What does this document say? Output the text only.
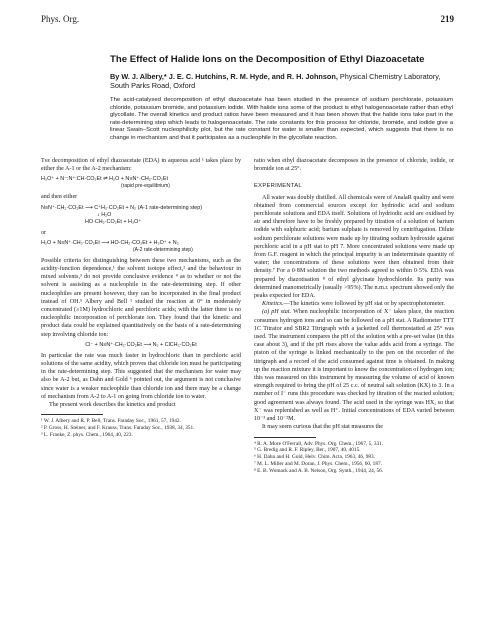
Phys. Org.	219
The Effect of Halide Ions on the Decomposition of Ethyl Diazoacetate
By W. J. Albery,* J. E. C. Hutchins, R. M. Hyde, and R. H. Johnson, Physical Chemistry Laboratory, South Parks Road, Oxford
The acid-catalysed decomposition of ethyl diazoacetate has been studied in the presence of sodium perchlorate, potassium chloride, potassium bromide, and potassium iodide. With halide ions some of the product is ethyl halogenoacetate rather than ethyl glycollate. The overall kinetics and product ratios have been measured and it has been shown that the halide ions take part in the rate-determining step which leads to halogenoacetate. The rate constants for this process for chloride, bromide, and iodide give a linear Swain–Scott nucleophilicity plot, but the rate constant for water is smaller than expected, which suggests that there is no change in mechanism and that it participates as a nucleophile in the glycollate reaction.

The decomposition of ethyl diazoacetate (EDA) in aqueous acid ¹ takes place by either the A-1 or the A-2 mechanism:

H₃O⁺ + N⁻:N⁺:CH·CO₂Et ⇌ H₂O + N≡N⁺·CH₂·CO₂Et
(rapid pre-equilibrium)
and then either
N≡N⁺·CH₂·CO₂Et ⟶ C⁺H₂·CO₂Et + N₂ (A-1 rate-determining step)
↓ H₂O
HO·CH₂·CO₂Et + H₃O⁺
or
H₂O + N≡N⁺·CH₂·CO₂Et ⟶ HO·CH₂·CO₂Et + H₃O⁺ + N₂
(A-2 rate-determining step)

Possible criteria for distinguishing between these two mechanisms, such as the acidity-function dependence,¹ the solvent isotope effect,² and the behaviour in mixed solvents,³ do not provide conclusive evidence ⁴ as to whether or not the solvent is assisting as a nucleophile in the rate-determining step. If other nucleophiles are present however, they can be incorporated in the final product instead of OH.⁵ Albery and Bell ¹ studied the reaction at 0° in moderately concentrated (≥1M) hydrochloric and perchloric acids; with the latter there is no nucleophilic incorporation of perchlorate ion. They found that the kinetic and product data could be explained quantitatively on the basis of a rate-determining step involving chloride ion:

Cl⁻ + N≡N⁺·CH₂·CO₂Et ⟶ N₂ + ClCH₂·CO₂Et

In particular the rate was much faster in hydrochloric than in perchloric acid solutions of the same acidity, which proves that chloride ion must be participating in the rate-determining step. This suggested that the mechanism for water may also be A-2 but, as Dahn and Gold ⁶ pointed out, the argument is not conclusive since water is a weaker nucleophile than chloride ion and there may be a change of mechanism from A-2 to A-1 on going from chloride ion to water.

The present work describes the kinetics and product

¹ W. J. Albery and R. P. Bell, Trans. Faraday Soc., 1961, 57, 1942.
² P. Gross, H. Steiner, and F. Krauss, Trans. Faraday Soc., 1938, 34, 351.
³ L. Franke, Z. phys. Chem., 1964, 40, 223.

ratio when ethyl diazoacetate decomposes in the presence of chloride, iodide, or bromide ion at 25°.

EXPERIMENTAL

All water was doubly distilled. All chemicals were of AnalaR quality and were obtained from commercial sources except for hydriodic acid and sodium perchlorate solutions and EDA itself. Solutions of hydriodic acid are oxidised by air and therefore have to be freshly prepared by titration of a solution of barium iodide with sulphuric acid; barium sulphate is removed by centrifugation. Dilute sodium perchlorate solutions were made up by titrating sodium hydroxide against perchloric acid in a pH stat to pH 7. More concentrated solutions were made up from G.F. reagent in which the principal impurity is an indeterminate quantity of water; the concentrations of these solutions were then obtained from their density.⁷ For a 0·8M solution the two methods agreed to within 0·5%. EDA was prepared by diazotisation ⁸ of ethyl glycinate hydrochloride. Its purity was determined manometrically (usually >95%). The n.m.r. spectrum showed only the peaks expected for EDA.

Kinetics.—The kinetics were followed by pH stat or by spectrophotometer.

(a) pH stat. When nucleophilic incorporation of X⁻ takes place, the reaction consumes hydrogen ions and so can be followed on a pH stat. A Radiometer TTT 1C Titrator and SBR2 Titrigraph with a jacketted cell thermostatted at 25° was used. The instrument compares the pH of the solution with a pre-set value (in this case about 3), and if the pH rises above the value adds acid from a syringe. The piston of the syringe is linked mechanically to the pen on the recorder of the titrigraph and a record of the acid consumed against time is obtained. In making up the reaction mixture it is important to know the concentration of hydrogen ion; this was measured on this instrument by measuring the volume of acid of known strength required to bring the pH of 25 c.c. of neutral salt solution (KX) to 3. In a number of I⁻ runs this procedure was checked by titration of the reacted solution; good agreement was always found. The acid used in the syringe was HX, so that X⁻ was replenished as well as H⁺. Initial concentrations of EDA varied between 10⁻³ and 10⁻²M.

It may seem curious that the pH stat measures the

⁴ R. A. More O'Ferrall, Adv. Phys. Org. Chem., 1967, 5, 331.
⁵ G. Bredig and R. F. Ripley, Ber., 1907, 40, 4015.
⁶ H. Dahn and H. Gold, Helv. Chim. Acta, 1963, 46, 983.
⁷ M. L. Miller and M. Doran, J. Phys. Chem., 1956, 60, 187.
⁸ E. B. Womack and A. B. Nelson, Org. Synth., 1944, 24, 56.
